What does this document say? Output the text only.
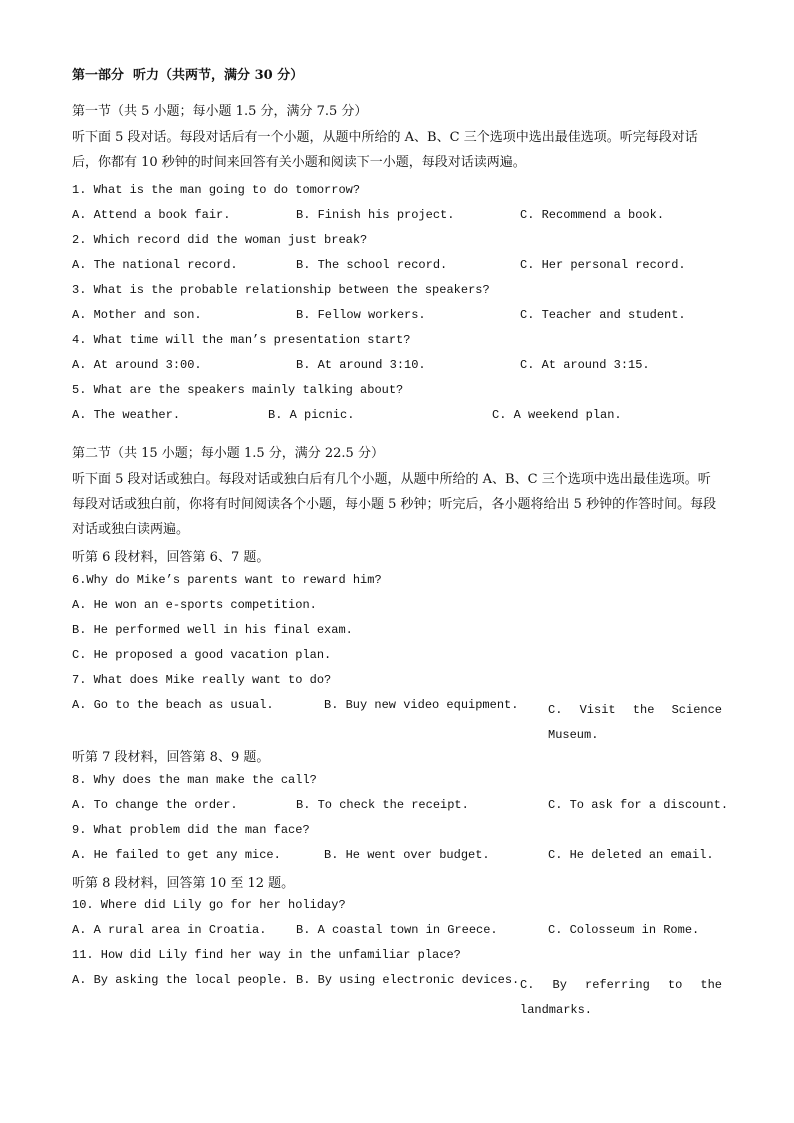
第一部分  听力（共两节，满分 30 分）
第一节（共 5 小题；每小题 1.5 分，满分 7.5 分）
听下面 5 段对话。每段对话后有一个小题，从题中所给的 A、B、C 三个选项中选出最佳选项。听完每段对话后，你都有 10 秒钟的时间来回答有关小题和阅读下一小题，每段对话读两遍。
1. What is the man going to do tomorrow?
A. Attend a book fair.	B. Finish his project.	C. Recommend a book.
2. Which record did the woman just break?
A. The national record.	B. The school record.	C. Her personal record.
3. What is the probable relationship between the speakers?
A. Mother and son.	B. Fellow workers.	C. Teacher and student.
4. What time will the man’s presentation start?
A. At around 3:00.	B. At around 3:10.	C. At around 3:15.
5. What are the speakers mainly talking about?
A. The weather.	B. A picnic.	C. A weekend plan.
第二节（共 15 小题；每小题 1.5 分，满分 22.5 分）
听下面 5 段对话或独白。每段对话或独白后有几个小题，从题中所给的 A、B、C 三个选项中选出最佳选项。听每段对话或独白前，你将有时间阅读各个小题，每小题 5 秒钟；听完后，各小题将给出 5 秒钟的作答时间。每段对话或独白读两遍。
听第 6 段材料，回答第 6、7 题。
6.Why do Mike’s parents want to reward him?
A. He won an e-sports competition.
B. He performed well in his final exam.
C. He proposed a good vacation plan.
7. What does Mike really want to do?
A. Go to the beach as usual.	B. Buy new video equipment. C. Visit the Science Museum.
听第 7 段材料，回答第 8、9 题。
8. Why does the man make the call?
A. To change the order.	B. To check the receipt.	C. To ask for a discount.
9. What problem did the man face?
A. He failed to get any mice.	B. He went over budget.	C. He deleted an email.
听第 8 段材料，回答第 10 至 12 题。
10. Where did Lily go for her holiday?
A. A rural area in Croatia. B. A coastal town in Greece.	C. Colosseum in Rome.
11. How did Lily find her way in the unfamiliar place?
A. By asking the local people. B. By using electronic devices. C. By referring to the landmarks.
